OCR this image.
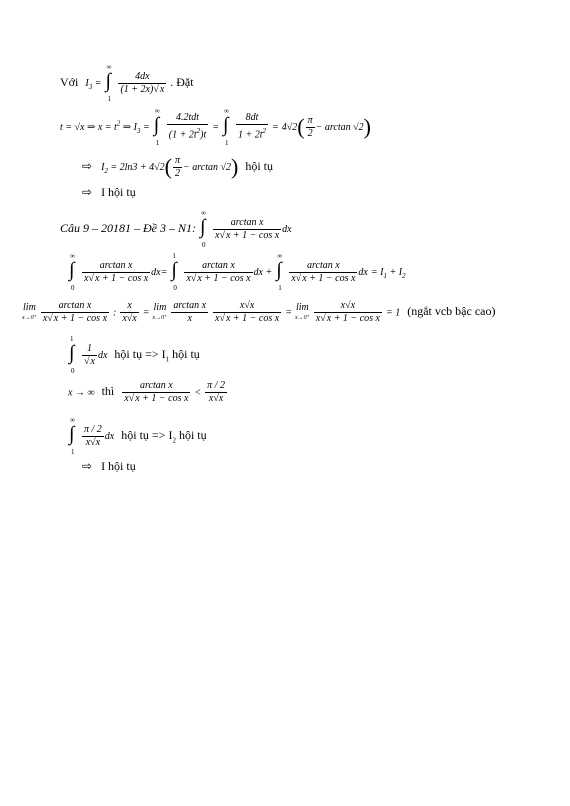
Với $I_3$ =
∞
∫
1

$\frac{4dx}{(1 + 2x)√x}$ . Đặt
t = √x ⇒ $x = t^2$ ⇒ $I_3$ =
∞
∫
1

$\frac{\text{4.2tdt}}{(1 + 2t^2)t}$ =
∞
∫
1

$\frac{8dt}{1 + 2t^2} = 4√2( \frac{\pi}{2} - \arctan √2)$
⇨ $I_2 = 2\ln 3 + 4√2( \frac{\pi}{2} - \arctan √2)$ hội tụ
⇨ I hội tụ
Câu 9 – 20181 – Đề 3 – N1:
∞
∫
0

$\frac{\text{arctan x}}{\text{x√x + 1 − cos x}}$ dx
∞
∫
0

$\frac{\text{arctan x}}{\text{x√x + 1 − cos x}} dx=$
1
∫
0

$\frac{\text{arctan x}}{\text{x√x + 1 − cos x}}$ dx +
∞
∫
1

$\frac{\text{arctan x}}{\text{x√x + 1 − cos x}}$ dx = $I_1 + I_2$
lim
x→0⁺
$\frac{\text{arctan x}}{\text{x√x + 1 − cos x}}$ : $\frac{x}{x√x} = \lim$
x→0⁺
$\frac{\text{arctan x}}{x}$
$\frac{x√x}{\text{x√x + 1 − cos x}} = \lim$
x→0⁺
$\frac{x√x}{\text{x√x + 1 − cos x}} = 1$ (ngắt vcb bậc cao)
1
∫
0

$\frac{1}{√x}$ dx hội tụ => $I_1$ hội tụ
x → ∞ thì $\frac{\text{arctan x}}{\text{x√x + 1 − cos x}} < \frac{\pi / 2}{x√x}$
∞
∫
1

$\frac{\pi / 2}{x√x}$ dx hội tụ => $I_2$ hội tụ
⇨ I hội tụ
